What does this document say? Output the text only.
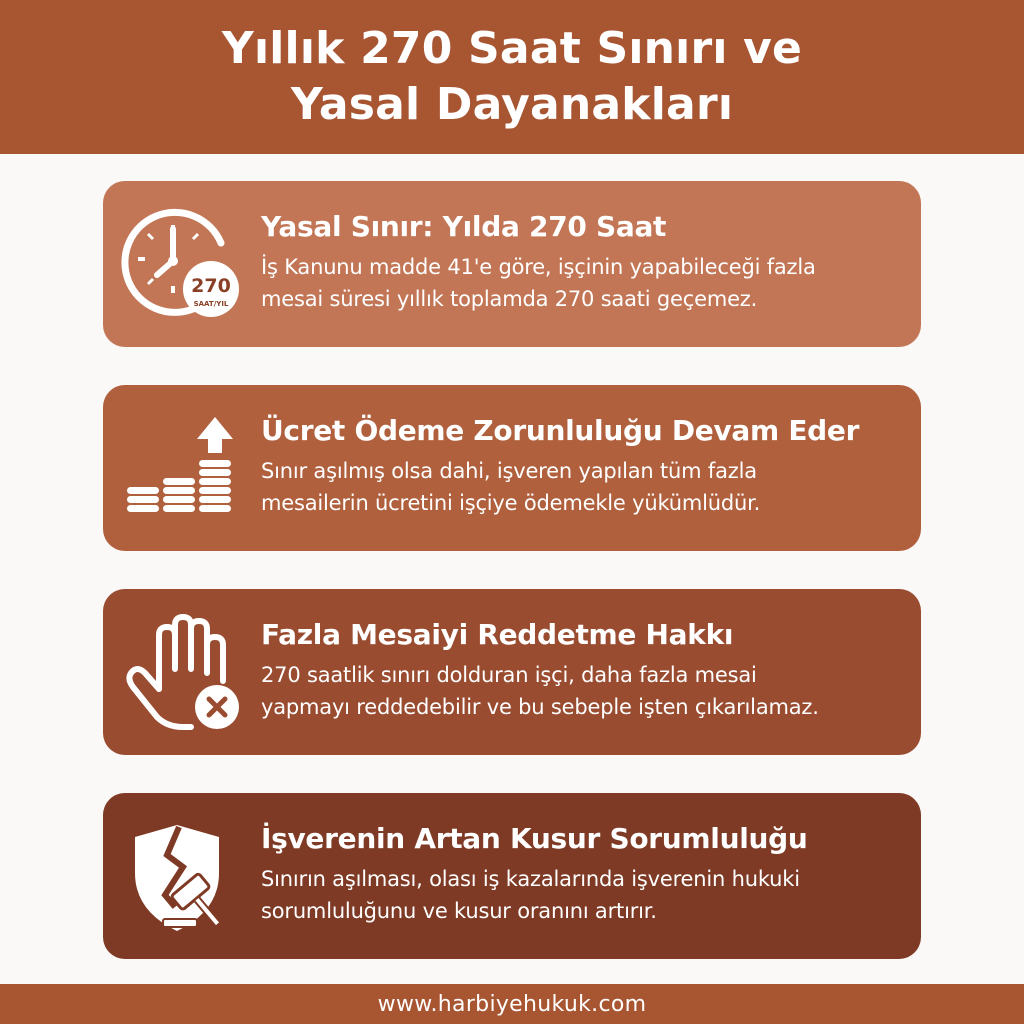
Yıllık 270 Saat Sınırı ve
Yasal Dayanakları
270
SAAT/YIL
Yasal Sınır: Yılda 270 Saat

İş Kanunu madde 41'e göre, işçinin yapabileceği fazla
mesai süresi yıllık toplamda 270 saati geçemez.

Ücret Ödeme Zorunluluğu Devam Eder

Sınır aşılmış olsa dahi, işveren yapılan tüm fazla
mesailerin ücretini işçiye ödemekle yükümlüdür.

Fazla Mesaiyi Reddetme Hakkı

270 saatlik sınırı dolduran işçi, daha fazla mesai
yapmayı reddedebilir ve bu sebeple işten çıkarılamaz.

İşverenin Artan Kusur Sorumluluğu

Sınırın aşılması, olası iş kazalarında işverenin hukuki
sorumluluğunu ve kusur oranını artırır.

www.harbiyehukuk.com
